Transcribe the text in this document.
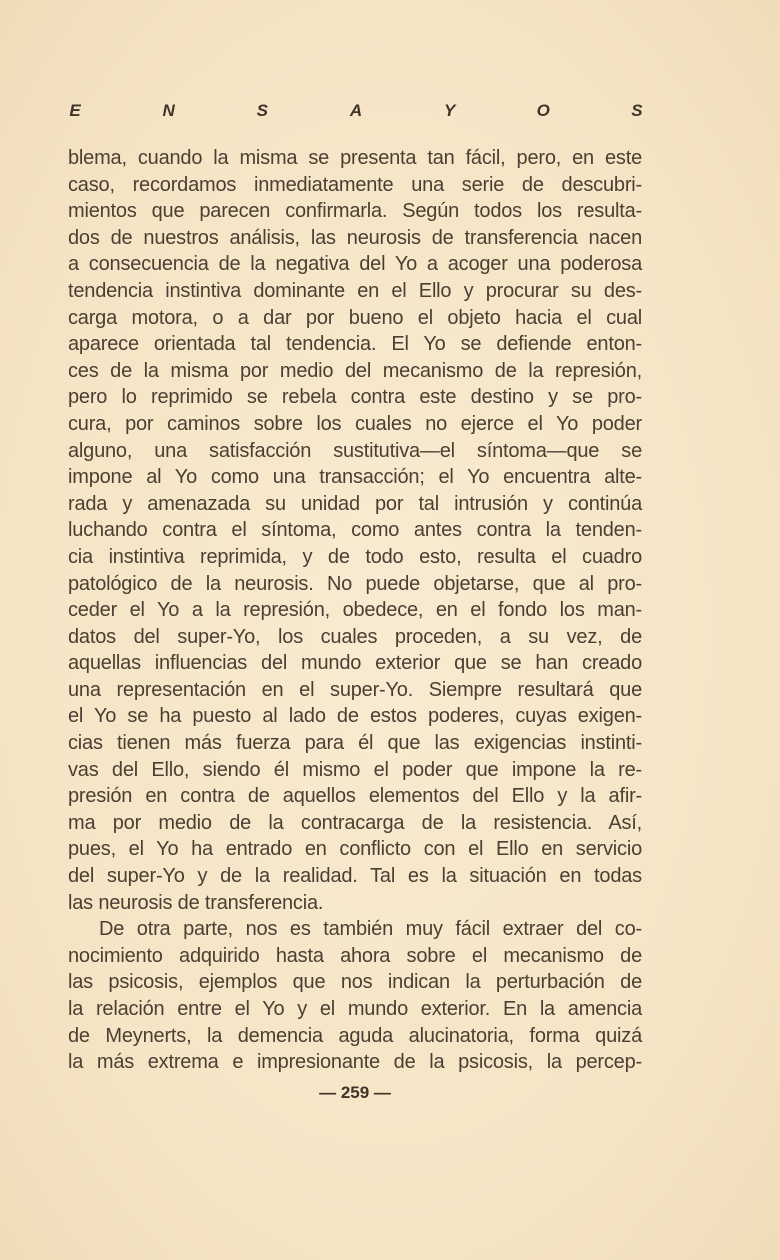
E	N	S	A	Y	O	S
blema, cuando la misma se presenta tan fácil, pero, en este
caso, recordamos inmediatamente una serie de descubri-
mientos que parecen confirmarla. Según todos los resulta-
dos de nuestros análisis, las neurosis de transferencia nacen
a consecuencia de la negativa del Yo a acoger una poderosa
tendencia instintiva dominante en el Ello y procurar su des-
carga motora, o a dar por bueno el objeto hacia el cual
aparece orientada tal tendencia. El Yo se defiende enton-
ces de la misma por medio del mecanismo de la represión,
pero lo reprimido se rebela contra este destino y se pro-
cura, por caminos sobre los cuales no ejerce el Yo poder
alguno, una satisfacción sustitutiva—el síntoma—que se
impone al Yo como una transacción; el Yo encuentra alte-
rada y amenazada su unidad por tal intrusión y continúa
luchando contra el síntoma, como antes contra la tenden-
cia instintiva reprimida, y de todo esto, resulta el cuadro
patológico de la neurosis. No puede objetarse, que al pro-
ceder el Yo a la represión, obedece, en el fondo los man-
datos del super-Yo, los cuales proceden, a su vez, de
aquellas influencias del mundo exterior que se han creado
una representación en el super-Yo. Siempre resultará que
el Yo se ha puesto al lado de estos poderes, cuyas exigen-
cias tienen más fuerza para él que las exigencias instinti-
vas del Ello, siendo él mismo el poder que impone la re-
presión en contra de aquellos elementos del Ello y la afir-
ma por medio de la contracarga de la resistencia. Así,
pues, el Yo ha entrado en conflicto con el Ello en servicio
del super-Yo y de la realidad. Tal es la situación en todas
las neurosis de transferencia.
De otra parte, nos es también muy fácil extraer del co-
nocimiento adquirido hasta ahora sobre el mecanismo de
las psicosis, ejemplos que nos indican la perturbación de
la relación entre el Yo y el mundo exterior. En la amencia
de Meynerts, la demencia aguda alucinatoria, forma quizá
la más extrema e impresionante de la psicosis, la percep-
— 259 —
